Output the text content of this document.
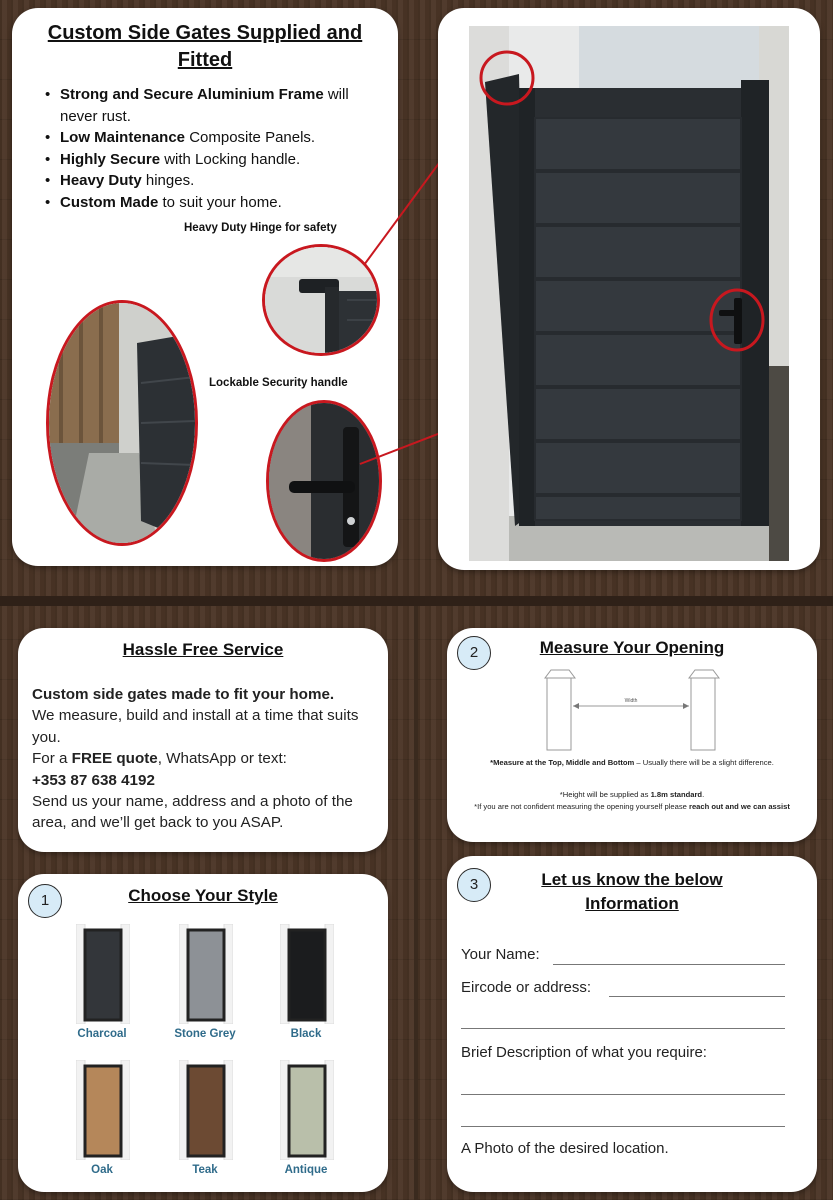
Custom Side Gates Supplied and Fitted
• Strong and Secure Aluminium Frame will never rust.
• Low Maintenance Composite Panels.
• Highly Secure with Locking handle.
• Heavy Duty hinges.
• Custom Made to suit your home.
Heavy Duty Hinge for safety
Lockable Security handle
Hassle Free Service
Custom side gates made to fit your home.
We measure, build and install at a time that suits you.
For a FREE quote, WhatsApp or text:
+353 87 638 4192
Send us your name, address and a photo of the area, and we’ll get back to you ASAP.
2	Measure Your Opening
Width
*Measure at the Top, Middle and Bottom – Usually there will be a slight difference.
*Height will be supplied as 1.8m standard.
*If you are not confident measuring the opening yourself please reach out and we can assist
1	Choose Your Style
Charcoal	Stone Grey	Black
Oak	Teak	Antique
3	Let us know the below Information
Your Name:
Eircode or address:
Brief Description of what you require:
A Photo of the desired location.
